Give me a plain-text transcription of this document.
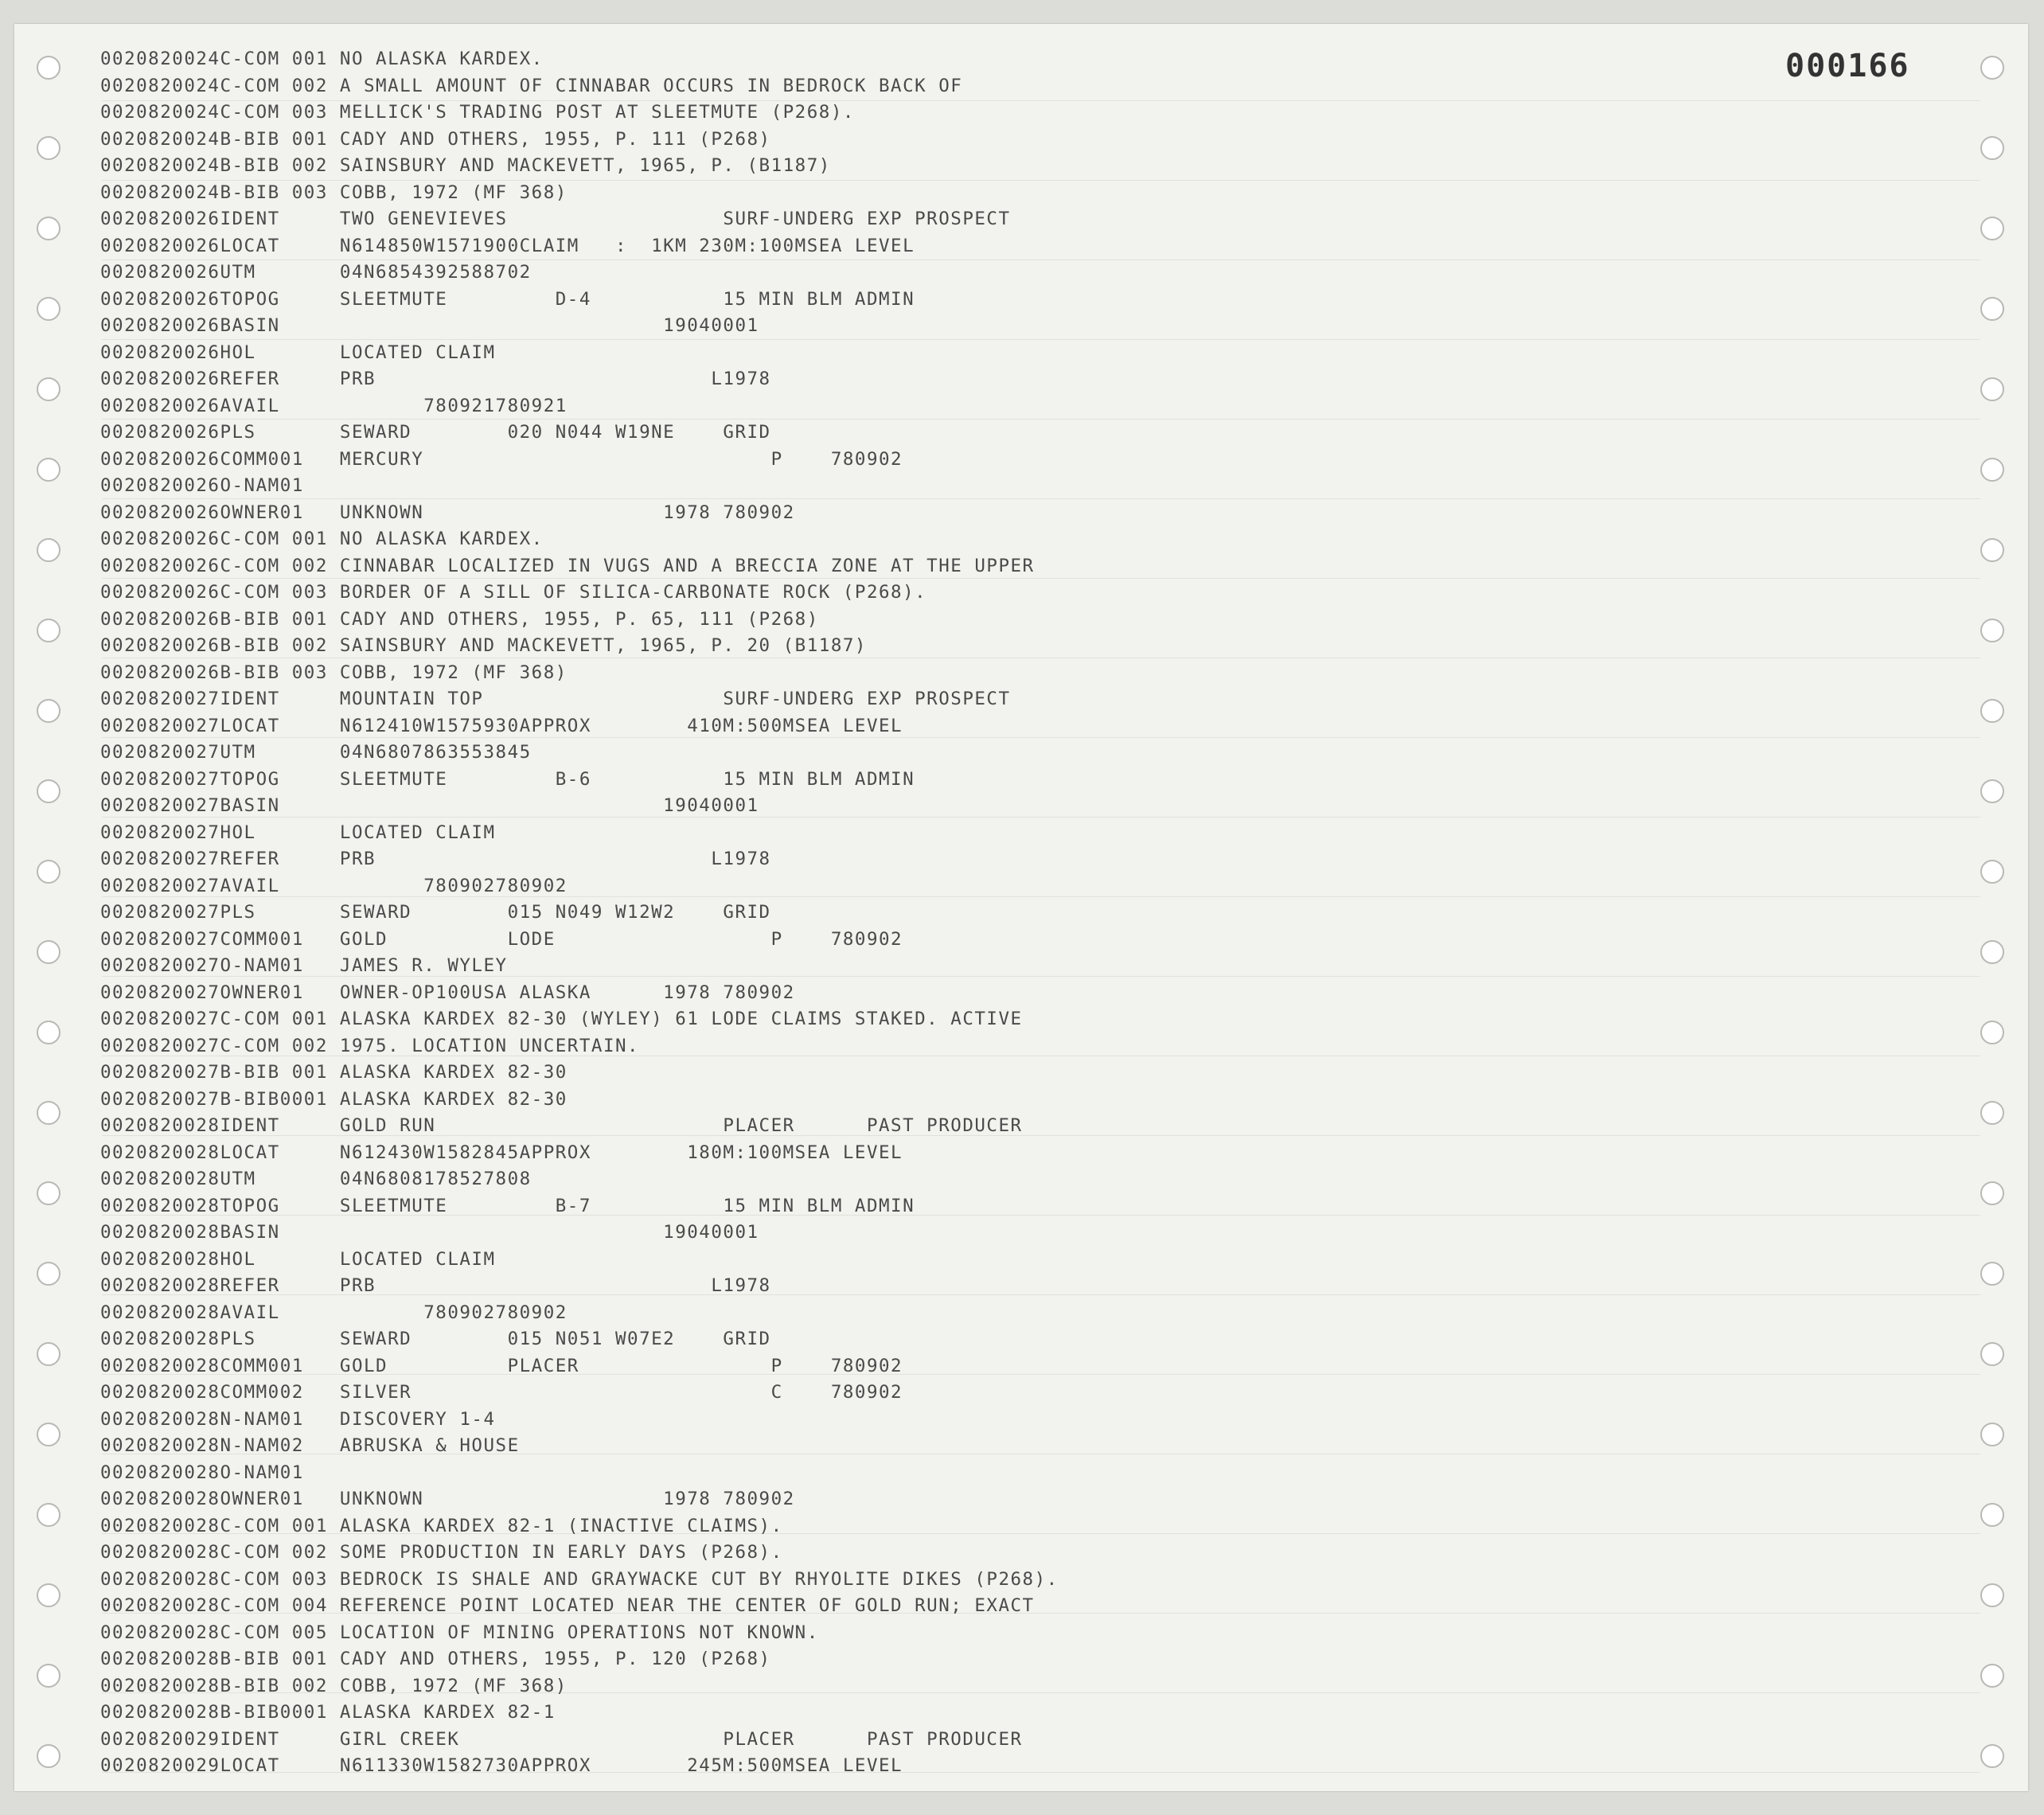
000166
0020820024C-COM 001 NO ALASKA KARDEX.
0020820024C-COM 002 A SMALL AMOUNT OF CINNABAR OCCURS IN BEDROCK BACK OF
0020820024C-COM 003 MELLICK'S TRADING POST AT SLEETMUTE (P268).
0020820024B-BIB 001 CADY AND OTHERS, 1955, P. 111 (P268)
0020820024B-BIB 002 SAINSBURY AND MACKEVETT, 1965, P. (B1187)
0020820024B-BIB 003 COBB, 1972 (MF 368)
0020820026IDENT     TWO GENEVIEVES                  SURF-UNDERG EXP PROSPECT
0020820026LOCAT     N614850W1571900CLAIM   :  1KM 230M:100MSEA LEVEL
0020820026UTM       04N6854392588702
0020820026TOPOG     SLEETMUTE         D-4           15 MIN BLM ADMIN
0020820026BASIN                                19040001
0020820026HOL       LOCATED CLAIM
0020820026REFER     PRB                            L1978
0020820026AVAIL            780921780921
0020820026PLS       SEWARD        020 N044 W19NE    GRID
0020820026COMM001   MERCURY                             P    780902
0020820026O-NAM01
0020820026OWNER01   UNKNOWN                    1978 780902
0020820026C-COM 001 NO ALASKA KARDEX.
0020820026C-COM 002 CINNABAR LOCALIZED IN VUGS AND A BRECCIA ZONE AT THE UPPER
0020820026C-COM 003 BORDER OF A SILL OF SILICA-CARBONATE ROCK (P268).
0020820026B-BIB 001 CADY AND OTHERS, 1955, P. 65, 111 (P268)
0020820026B-BIB 002 SAINSBURY AND MACKEVETT, 1965, P. 20 (B1187)
0020820026B-BIB 003 COBB, 1972 (MF 368)
0020820027IDENT     MOUNTAIN TOP                    SURF-UNDERG EXP PROSPECT
0020820027LOCAT     N612410W1575930APPROX        410M:500MSEA LEVEL
0020820027UTM       04N6807863553845
0020820027TOPOG     SLEETMUTE         B-6           15 MIN BLM ADMIN
0020820027BASIN                                19040001
0020820027HOL       LOCATED CLAIM
0020820027REFER     PRB                            L1978
0020820027AVAIL            780902780902
0020820027PLS       SEWARD        015 N049 W12W2    GRID
0020820027COMM001   GOLD          LODE                  P    780902
0020820027O-NAM01   JAMES R. WYLEY
0020820027OWNER01   OWNER-OP100USA ALASKA      1978 780902
0020820027C-COM 001 ALASKA KARDEX 82-30 (WYLEY) 61 LODE CLAIMS STAKED. ACTIVE
0020820027C-COM 002 1975. LOCATION UNCERTAIN.
0020820027B-BIB 001 ALASKA KARDEX 82-30
0020820027B-BIB0001 ALASKA KARDEX 82-30
0020820028IDENT     GOLD RUN                        PLACER      PAST PRODUCER
0020820028LOCAT     N612430W1582845APPROX        180M:100MSEA LEVEL
0020820028UTM       04N6808178527808
0020820028TOPOG     SLEETMUTE         B-7           15 MIN BLM ADMIN
0020820028BASIN                                19040001
0020820028HOL       LOCATED CLAIM
0020820028REFER     PRB                            L1978
0020820028AVAIL            780902780902
0020820028PLS       SEWARD        015 N051 W07E2    GRID
0020820028COMM001   GOLD          PLACER                P    780902
0020820028COMM002   SILVER                              C    780902
0020820028N-NAM01   DISCOVERY 1-4
0020820028N-NAM02   ABRUSKA & HOUSE
0020820028O-NAM01
0020820028OWNER01   UNKNOWN                    1978 780902
0020820028C-COM 001 ALASKA KARDEX 82-1 (INACTIVE CLAIMS).
0020820028C-COM 002 SOME PRODUCTION IN EARLY DAYS (P268).
0020820028C-COM 003 BEDROCK IS SHALE AND GRAYWACKE CUT BY RHYOLITE DIKES (P268).
0020820028C-COM 004 REFERENCE POINT LOCATED NEAR THE CENTER OF GOLD RUN; EXACT
0020820028C-COM 005 LOCATION OF MINING OPERATIONS NOT KNOWN.
0020820028B-BIB 001 CADY AND OTHERS, 1955, P. 120 (P268)
0020820028B-BIB 002 COBB, 1972 (MF 368)
0020820028B-BIB0001 ALASKA KARDEX 82-1
0020820029IDENT     GIRL CREEK                      PLACER      PAST PRODUCER
0020820029LOCAT     N611330W1582730APPROX        245M:500MSEA LEVEL
